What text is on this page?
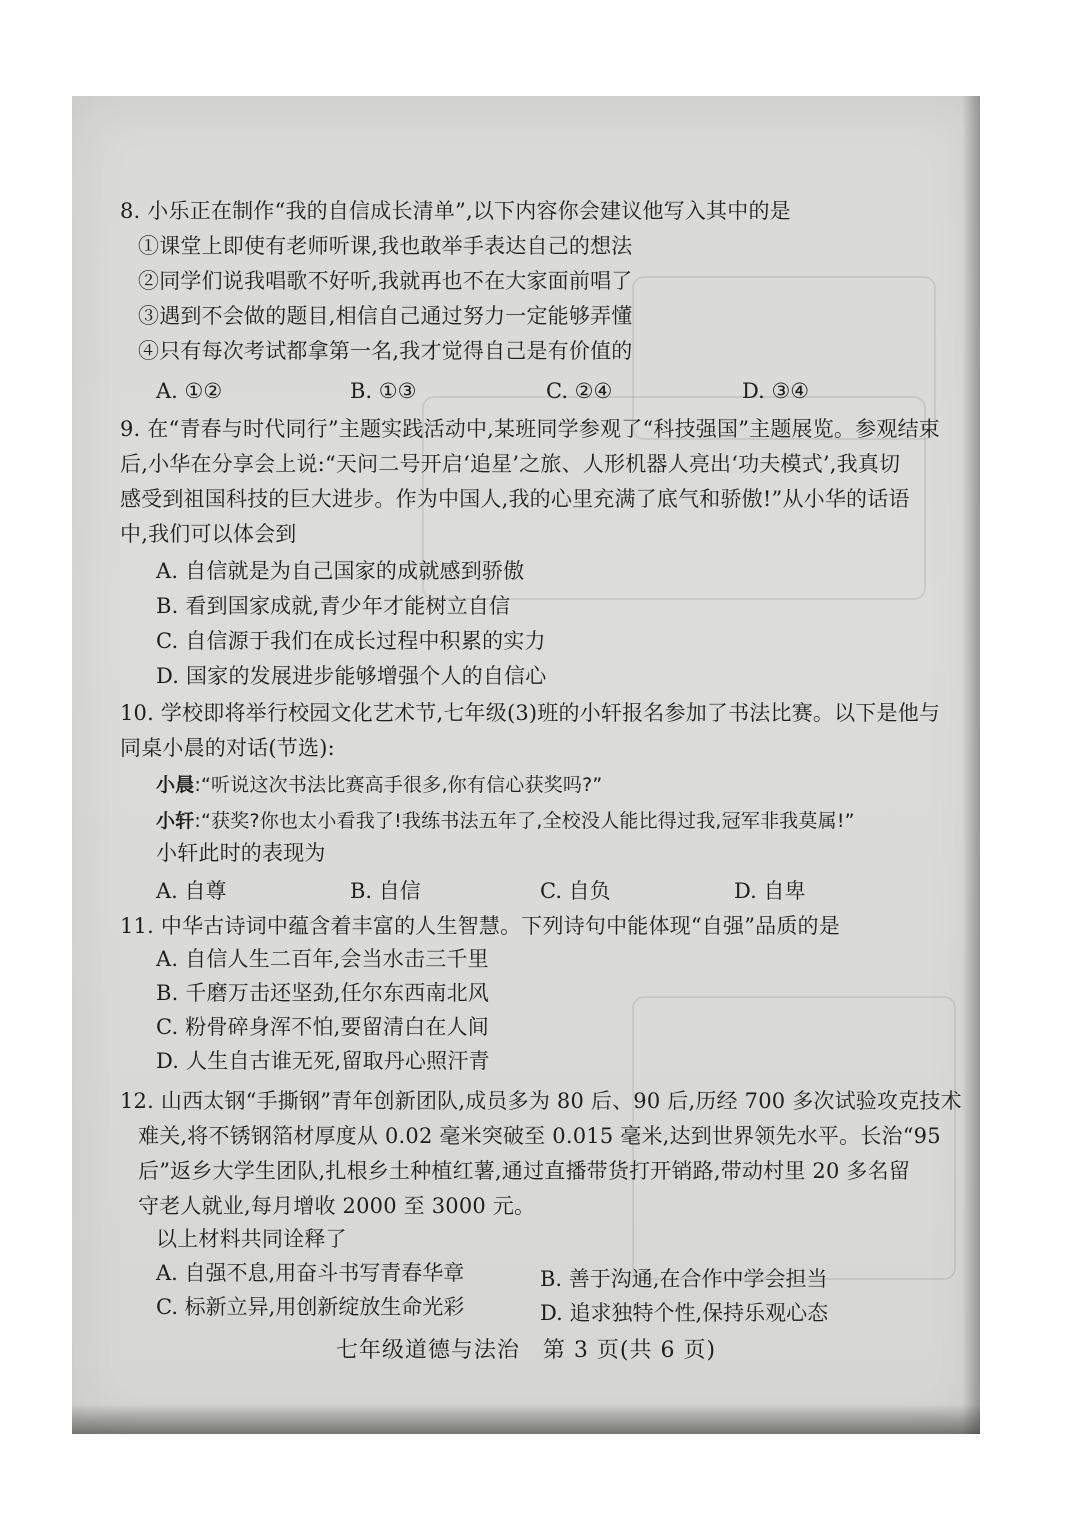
8. 小乐正在制作“我的自信成长清单”,以下内容你会建议他写入其中的是
①课堂上即使有老师听课,我也敢举手表达自己的想法
②同学们说我唱歌不好听,我就再也不在大家面前唱了
③遇到不会做的题目,相信自己通过努力一定能够弄懂
④只有每次考试都拿第一名,我才觉得自己是有价值的
A. ①②	B. ①③	C. ②④	D. ③④
9. 在“青春与时代同行”主题实践活动中,某班同学参观了“科技强国”主题展览。参观结束
后,小华在分享会上说:“天问二号开启‘追星’之旅、人形机器人亮出‘功夫模式’,我真切
感受到祖国科技的巨大进步。作为中国人,我的心里充满了底气和骄傲!”从小华的话语
中,我们可以体会到
A. 自信就是为自己国家的成就感到骄傲
B. 看到国家成就,青少年才能树立自信
C. 自信源于我们在成长过程中积累的实力
D. 国家的发展进步能够增强个人的自信心
10. 学校即将举行校园文化艺术节,七年级(3)班的小轩报名参加了书法比赛。以下是他与
同桌小晨的对话(节选):
小晨:“听说这次书法比赛高手很多,你有信心获奖吗?”
小轩:“获奖?你也太小看我了!我练书法五年了,全校没人能比得过我,冠军非我莫属!”
小轩此时的表现为
A. 自尊	B. 自信	C. 自负	D. 自卑
11. 中华古诗词中蕴含着丰富的人生智慧。下列诗句中能体现“自强”品质的是
A. 自信人生二百年,会当水击三千里
B. 千磨万击还坚劲,任尔东西南北风
C. 粉骨碎身浑不怕,要留清白在人间
D. 人生自古谁无死,留取丹心照汗青
12. 山西太钢“手撕钢”青年创新团队,成员多为 80 后、90 后,历经 700 多次试验攻克技术
难关,将不锈钢箔材厚度从 0.02 毫米突破至 0.015 毫米,达到世界领先水平。长治“95
后”返乡大学生团队,扎根乡土种植红薯,通过直播带货打开销路,带动村里 20 多名留
守老人就业,每月增收 2000 至 3000 元。
以上材料共同诠释了
A. 自强不息,用奋斗书写青春华章	B. 善于沟通,在合作中学会担当
C. 标新立异,用创新绽放生命光彩	D. 追求独特个性,保持乐观心态
七年级道德与法治　第 3 页(共 6 页)
